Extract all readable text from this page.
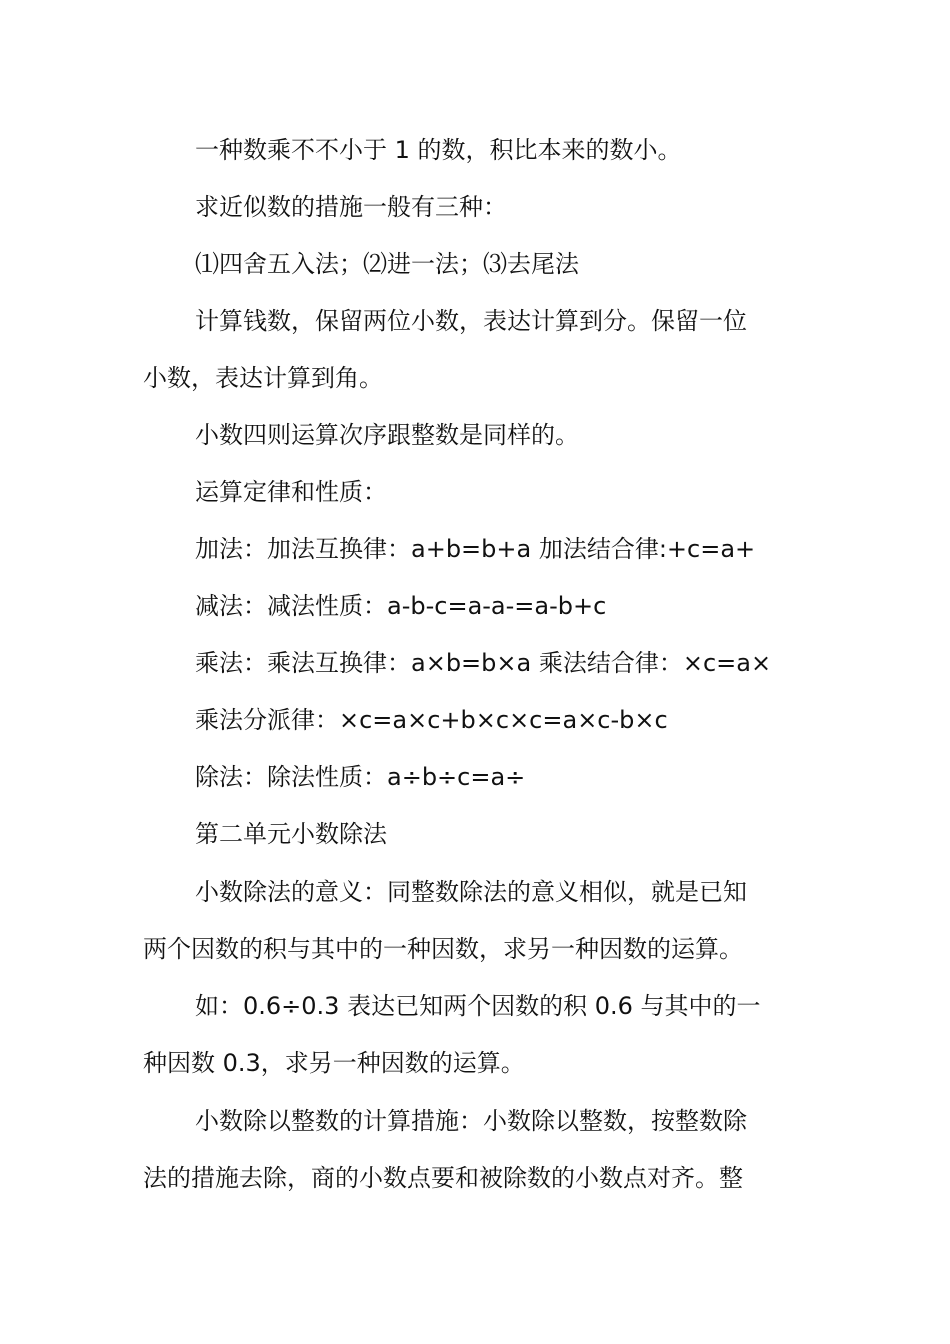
一种数乘不不小于 1 的数，积比本来的数小。
求近似数的措施一般有三种：
⑴四舍五入法；⑵进一法；⑶去尾法
计算钱数，保留两位小数，表达计算到分。保留一位
小数，表达计算到角。
小数四则运算次序跟整数是同样的。
运算定律和性质：
加法：加法互换律：a+b=b+a 加法结合律:+c=a+
减法：减法性质：a-b-c=a-a-=a-b+c
乘法：乘法互换律：a×b=b×a 乘法结合律：×c=a×
乘法分派律：×c=a×c+b×c×c=a×c-b×c
除法：除法性质：a÷b÷c=a÷
第二单元小数除法
小数除法的意义：同整数除法的意义相似，就是已知
两个因数的积与其中的一种因数，求另一种因数的运算。
如：0.6÷0.3 表达已知两个因数的积 0.6 与其中的一
种因数 0.3，求另一种因数的运算。
小数除以整数的计算措施：小数除以整数，按整数除
法的措施去除，商的小数点要和被除数的小数点对齐。整
